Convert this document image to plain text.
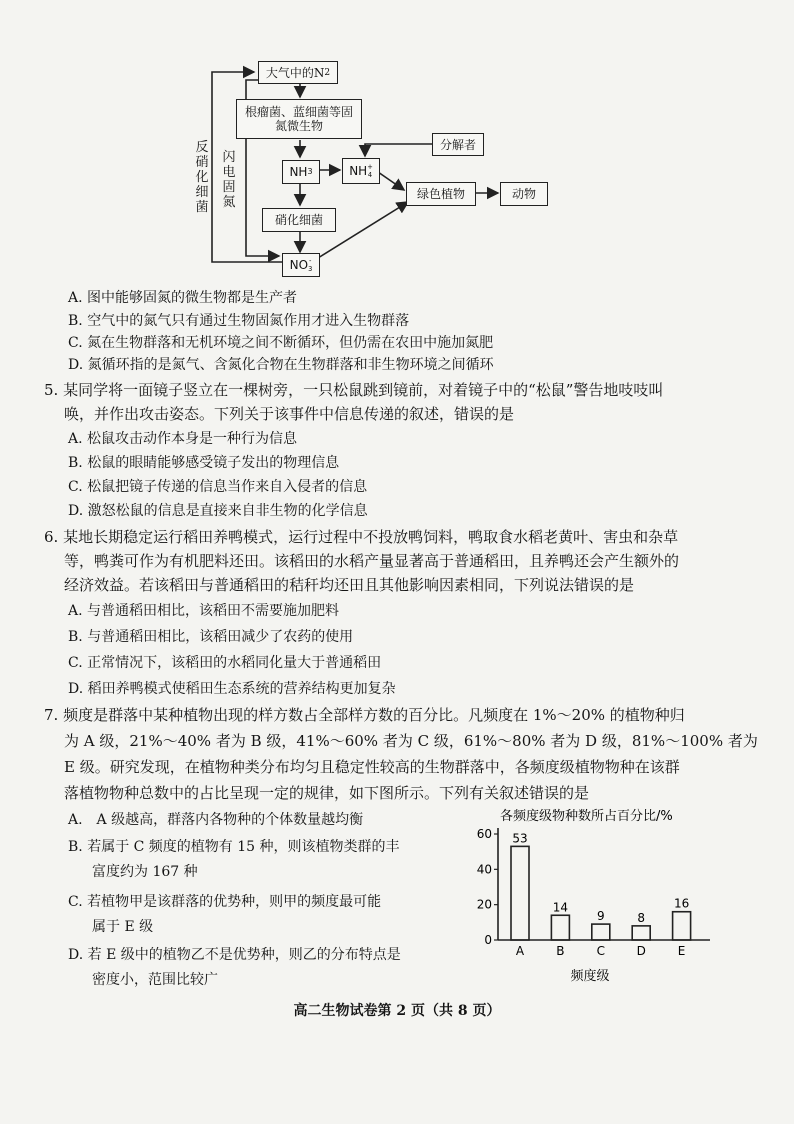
大气中的N 2
根瘤菌、蓝细菌等固氮微生物
分解者
NH 3	NH +
4
绿色植物	动物
硝化细菌
NO -
3
反硝化细菌
闪电固氮
A. 图中能够固氮的微生物都是生产者
B. 空气中的氮气只有通过生物固氮作用才进入生物群落
C. 氮在生物群落和无机环境之间不断循环，但仍需在农田中施加氮肥
D. 氮循环指的是氮气、含氮化合物在生物群落和非生物环境之间循环
5. 某同学将一面镜子竖立在一棵树旁，一只松鼠跳到镜前，对着镜子中的“松鼠”警告地吱吱叫
唤，并作出攻击姿态。下列关于该事件中信息传递的叙述，错误的是
A. 松鼠攻击动作本身是一种行为信息
B. 松鼠的眼睛能够感受镜子发出的物理信息
C. 松鼠把镜子传递的信息当作来自入侵者的信息
D. 激怒松鼠的信息是直接来自非生物的化学信息
6. 某地长期稳定运行稻田养鸭模式，运行过程中不投放鸭饲料，鸭取食水稻老黄叶、害虫和杂草
等，鸭粪可作为有机肥料还田。该稻田的水稻产量显著高于普通稻田，且养鸭还会产生额外的
经济效益。若该稻田与普通稻田的秸秆均还田且其他影响因素相同，下列说法错误的是
A. 与普通稻田相比，该稻田不需要施加肥料
B. 与普通稻田相比，该稻田减少了农药的使用
C. 正常情况下，该稻田的水稻同化量大于普通稻田
D. 稻田养鸭模式使稻田生态系统的营养结构更加复杂
7. 频度是群落中某种植物出现的样方数占全部样方数的百分比。凡频度在 1%～20% 的植物种归
为 A 级，21%～40% 者为 B 级，41%～60% 者为 C 级，61%～80% 者为 D 级，81%～100% 者为
E 级。研究发现，在植物种类分布均匀且稳定性较高的生物群落中，各频度级植物物种在该群
落植物物种总数中的占比呈现一定的规律，如下图所示。下列有关叙述错误的是
A.　A 级越高，群落内各物种的个体数量越均衡
B. 若属于 C 频度的植物有 15 种，则该植物类群的丰
富度约为 167 种
C. 若植物甲是该群落的优势种，则甲的频度最可能
属于 E 级
D. 若 E 级中的植物乙不是优势种，则乙的分布特点是
密度小，范围比较广
各频度级物种数所占百分比/%
0
20
40
60 53
A
14
B
9
C
8
D
16
E
频度级
高二生物试卷第 2 页（共 8 页）
